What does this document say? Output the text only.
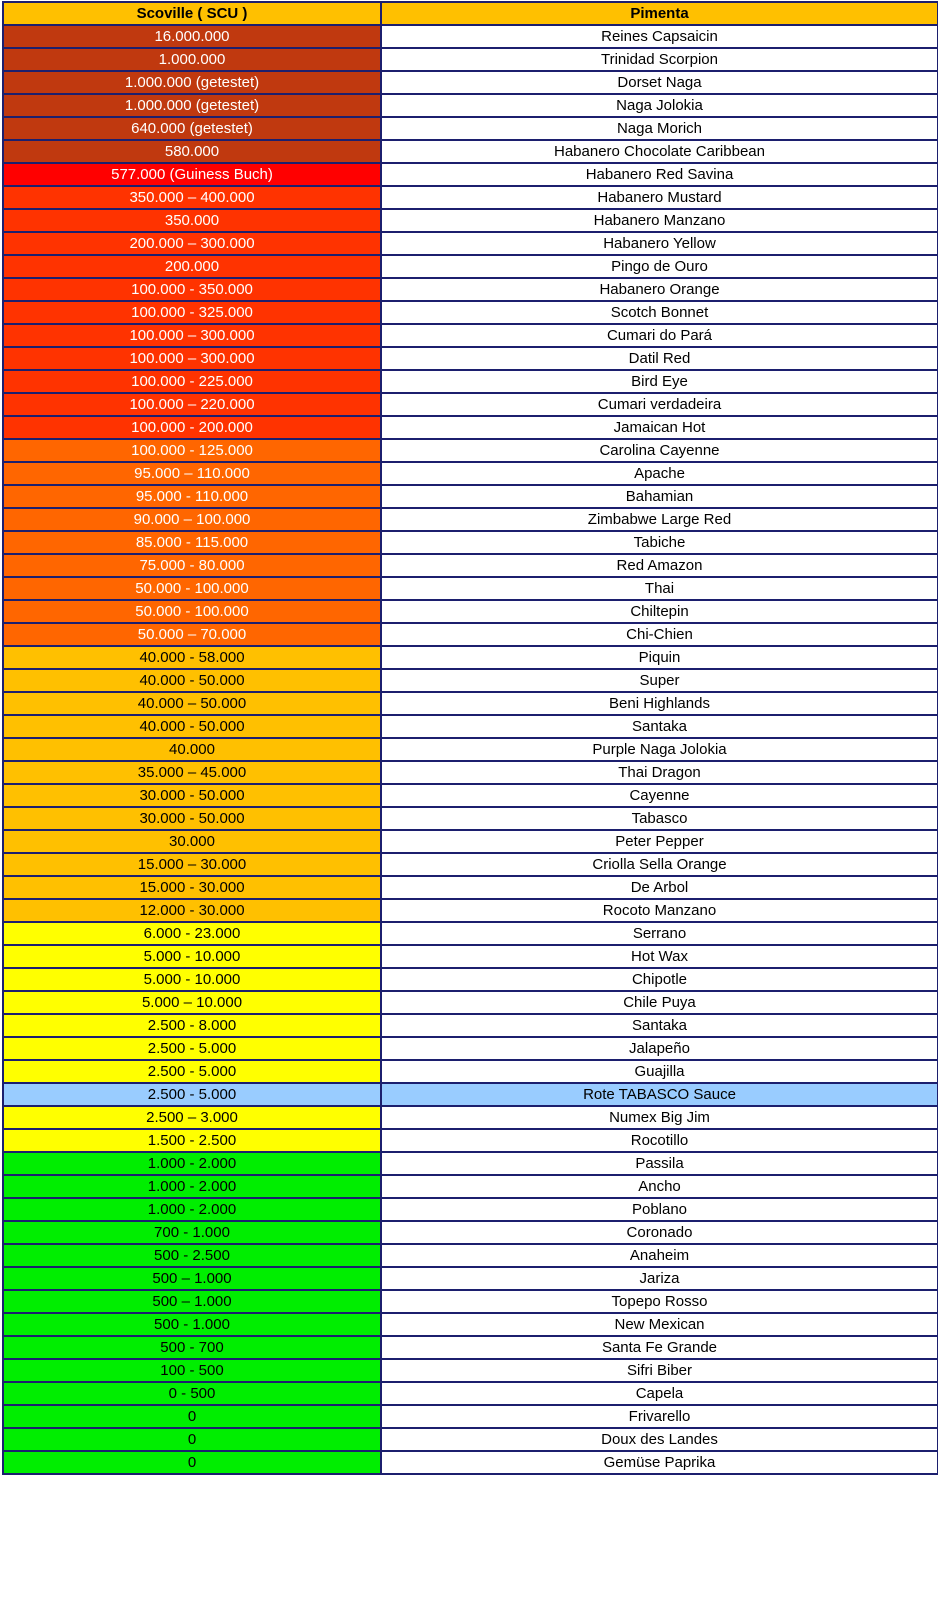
Scoville ( SCU )	Pimenta
16.000.000	Reines Capsaicin
1.000.000	Trinidad Scorpion
1.000.000 (getestet)	Dorset Naga
1.000.000 (getestet)	Naga Jolokia
640.000 (getestet)	Naga Morich
580.000	Habanero Chocolate Caribbean
577.000 (Guiness Buch)	Habanero Red Savina
350.000 – 400.000	Habanero Mustard
350.000	Habanero Manzano
200.000 – 300.000	Habanero Yellow
200.000	Pingo de Ouro
100.000 - 350.000	Habanero Orange
100.000 - 325.000	Scotch Bonnet
100.000 – 300.000	Cumari do Pará
100.000 – 300.000	Datil Red
100.000 - 225.000	Bird Eye
100.000 – 220.000	Cumari verdadeira
100.000 - 200.000	Jamaican Hot
100.000 - 125.000	Carolina Cayenne
95.000 – 110.000	Apache
95.000 - 110.000	Bahamian
90.000 – 100.000	Zimbabwe Large Red
85.000 - 115.000	Tabiche
75.000 - 80.000	Red Amazon
50.000 - 100.000	Thai
50.000 - 100.000	Chiltepin
50.000 – 70.000	Chi-Chien
40.000 - 58.000	Piquin
40.000 - 50.000	Super
40.000 – 50.000	Beni Highlands
40.000 - 50.000	Santaka
40.000	Purple Naga Jolokia
35.000 – 45.000	Thai Dragon
30.000 - 50.000	Cayenne
30.000 - 50.000	Tabasco
30.000	Peter Pepper
15.000 – 30.000	Criolla Sella Orange
15.000 - 30.000	De Arbol
12.000 - 30.000	Rocoto Manzano
6.000 - 23.000	Serrano
5.000 - 10.000	Hot Wax
5.000 - 10.000	Chipotle
5.000 – 10.000	Chile Puya
2.500 - 8.000	Santaka
2.500 - 5.000	Jalapeño
2.500 - 5.000	Guajilla
2.500 - 5.000	Rote TABASCO Sauce
2.500 – 3.000	Numex Big Jim
1.500 - 2.500	Rocotillo
1.000 - 2.000	Passila
1.000 - 2.000	Ancho
1.000 - 2.000	Poblano
700 - 1.000	Coronado
500 - 2.500	Anaheim
500 – 1.000	Jariza
500 – 1.000	Topepo Rosso
500 - 1.000	New Mexican
500 - 700	Santa Fe Grande
100 - 500	Sifri Biber
0 - 500	Capela
0	Frivarello
0	Doux des Landes
0	Gemüse Paprika
